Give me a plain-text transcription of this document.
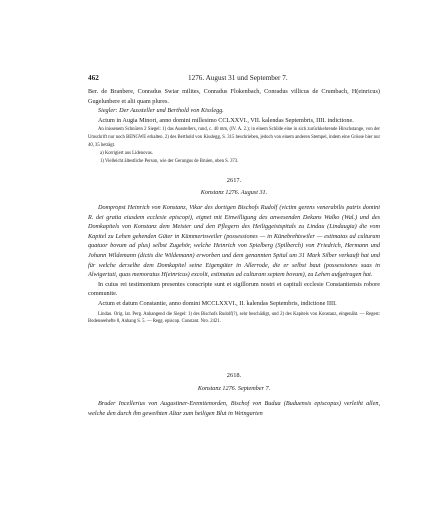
462	1276. August 31 und September 7.

Ber. de Branbere, Conradus Swiar milites, Conradus Flokenbach, Conradus villicus de Crumbach, H(einricus) Gugelunbere et alii quam plures.

Siegler: Der Aussteller und Berthold von Kisslegg.

Actum in Augia Minori, anno domini millesimo CCLXXVI., VII. kalendas Septembris, IIII. indictione.

An inissenem Schnüren 2 Siegel: 1) das Ausstellers, rund, c. 40 mm, (IV. A. 2.); in einem Schilde eine in sich zurückkehrende Hirschstange, von der Umschrift nur noch BENGWE erhalten. 2) des Berthold von Kisslegg, S. 315 beschrieben, jedoch von einem anderen Stempel, indem eine Grösse hier nur 40, 35 beträgt.

a) Korrigiert aus Lidenovas.

1) Vielleicht ältestliche Person, wie der Gerungus de Bruien, oben S. 373.

2617.

Konstanz 1276. August 31.

Dompropst Heinrich von Konstanz, Vikar des dortigen Bischofs Rudolf (victim gerens venerabilis patris domini R. dei gratia eiusdem ecclesie episcopi), eignet mit Einwilligung des anwesenden Dekans Walko (Wal.) und des Domkapitels von Konstanz dem Meister und den Pflegern des Heiliggeistspitals zu Lindau (Lindaugia) die vom Kapitel zu Lehen gehenden Güter in Kümmertsweiler (possessiones — in Künebrehtswiler — estimatas ad culturam quatuor bovum ad plus) selbst Zugehör, welche Heinrich von Spielberg (Spilberch) von Friedrich, Hermann und Johann Wildemann (dictis die Wildemann) erworben und dem genannten Spital um 31 Mark Silber verkauft hat und für welche derselbe dem Domkapitel seine Eigengüter in Allerrode, die er selbst baut (possessiones suas in Alwigeriuti, quas memoratus H(einricus) excolit, estimatas ad culturam septem bovum), zu Lehen aufgetragen hat.

In cuius rei testimonium presentes conscripte sunt et sigillorum nostri et capituli ecclesie Constantiensis robore communite.

Actum et datum Constantie, anno domini MCCLXXVI., II. kalendas Septembris, indictione IIII.

Lindau. Orig. lat. Perg. Anhangend die Siegel: 1) des Bischofs Rudolf(?), sehr beschädigt, und 2) des Kapitels von Konstanz, eingenäht. — Regest: Bodenseehefte 8, Anhang S. 5. — Regg. episcop. Constant. Nro. 2421.

2618.

Konstanz 1276. September 7.

Bruder Incellerius von Augustiner-Eremitenorden, Bischof von Budua (Buduensis episcopus) verleiht allen, welche den durch ihn geweihten Altar zum heiligen Blut in Weingarten
